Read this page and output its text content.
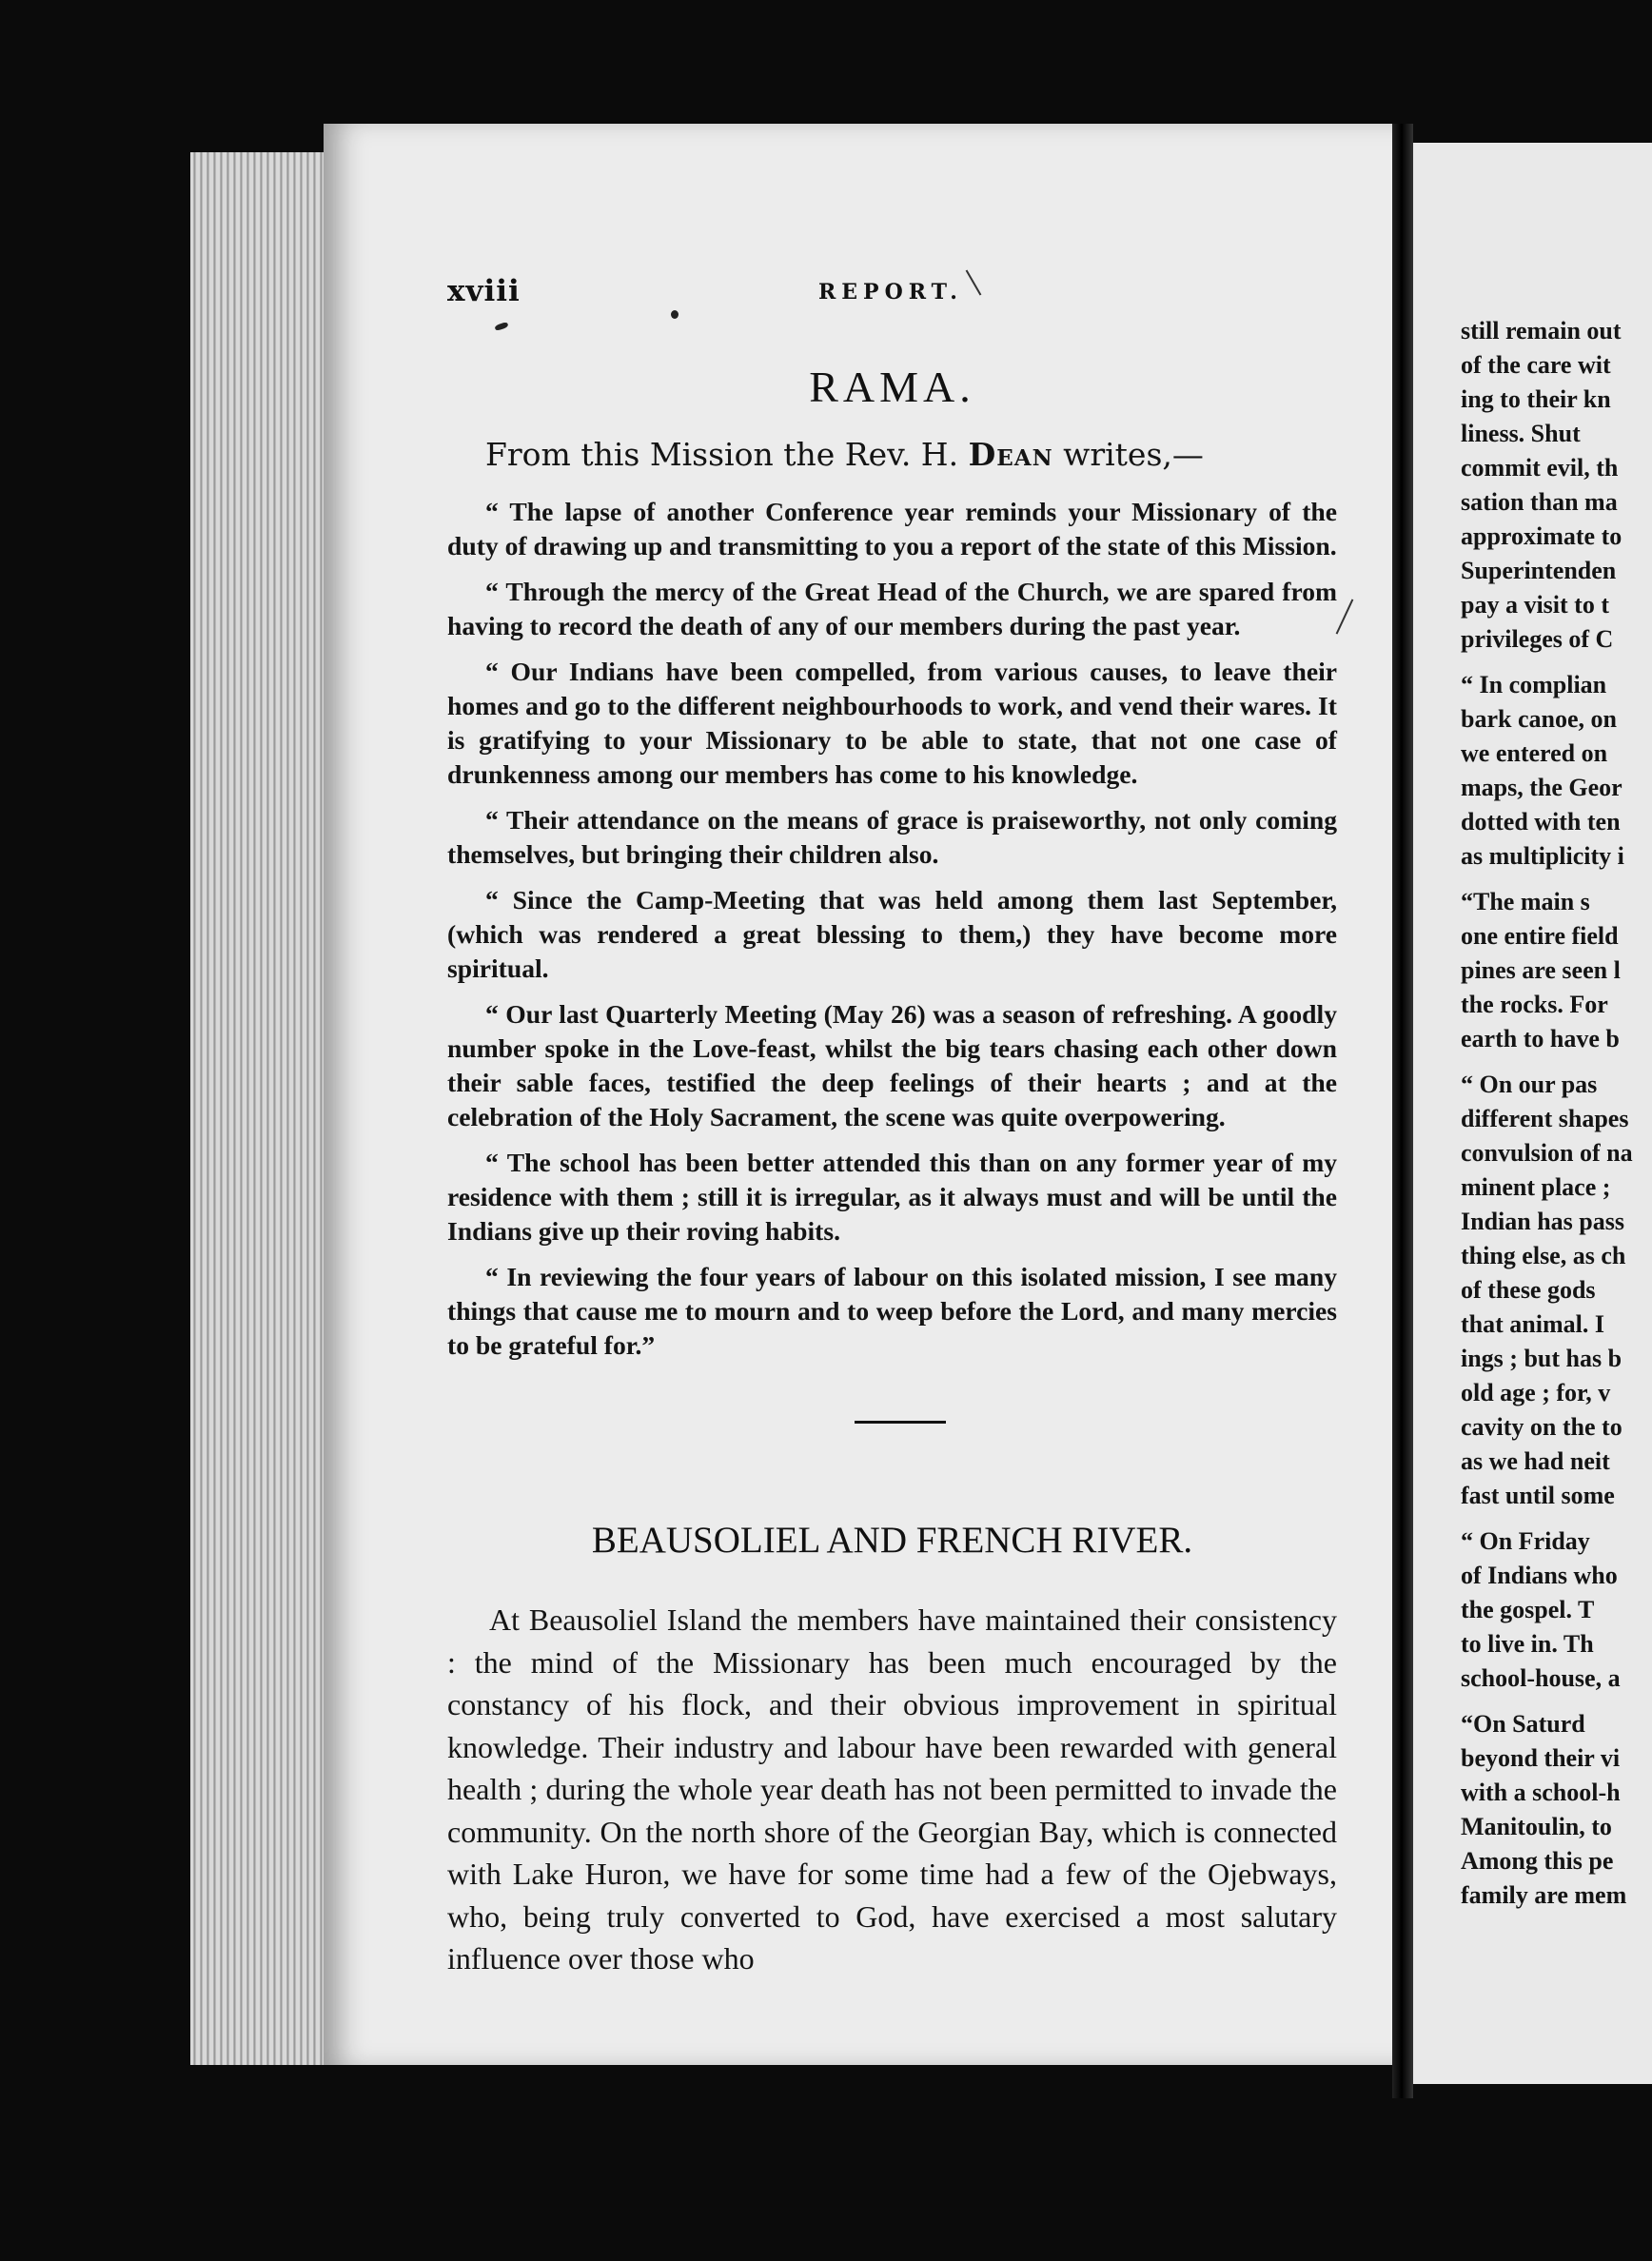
xviii	REPORT.
RAMA.
From this Mission the Rev. H. Dean writes,—

“ The lapse of another Conference year reminds your Missionary of the duty of drawing up and transmitting to you a report of the state of this Mission.

“ Through the mercy of the Great Head of the Church, we are spared from having to record the death of any of our members during the past year.

“ Our Indians have been compelled, from various causes, to leave their homes and go to the different neighbourhoods to work, and vend their wares. It is gratifying to your Missionary to be able to state, that not one case of drunkenness among our members has come to his knowledge.

“ Their attendance on the means of grace is praiseworthy, not only coming themselves, but bringing their children also.

“ Since the Camp-Meeting that was held among them last September, (which was rendered a great blessing to them,) they have become more spiritual.

“ Our last Quarterly Meeting (May 26) was a season of refreshing. A goodly number spoke in the Love-feast, whilst the big tears chasing each other down their sable faces, testified the deep feelings of their hearts ; and at the celebration of the Holy Sacrament, the scene was quite overpowering.

“ The school has been better attended this than on any former year of my residence with them ; still it is irregular, as it always must and will be until the Indians give up their roving habits.

“ In reviewing the four years of labour on this isolated mission, I see many things that cause me to mourn and to weep before the Lord, and many mercies to be grateful for.”

BEAUSOLIEL AND FRENCH RIVER.

At Beausoliel Island the members have maintained their consistency : the mind of the Missionary has been much encouraged by the constancy of his flock, and their obvious improvement in spiritual knowledge. Their industry and labour have been rewarded with general health ; during the whole year death has not been permitted to invade the community. On the north shore of the Georgian Bay, which is connected with Lake Huron, we have for some time had a few of the Ojebways, who, being truly converted to God, have exercised a most salutary influence over those who

still remain out
of the care wit
ing to their kn
liness. Shut
commit evil, th
sation than ma
approximate to
Superintenden
pay a visit to t
privileges of C
“ In complian
bark canoe, on
we entered on
maps, the Geor
dotted with ten
as multiplicity i
“The main s
one entire field
pines are seen l
the rocks. For
earth to have b
“ On our pas
different shapes
convulsion of na
minent place ;
Indian has pass
thing else, as ch
of these gods
that animal. I
ings ; but has b
old age ; for, v
cavity on the to
as we had neit
fast until some
“ On Friday
of Indians who
the gospel. T
to live in. Th
school-house, a
“On Saturd
beyond their vi
with a school-h
Manitoulin, to
Among this pe
family are mem
